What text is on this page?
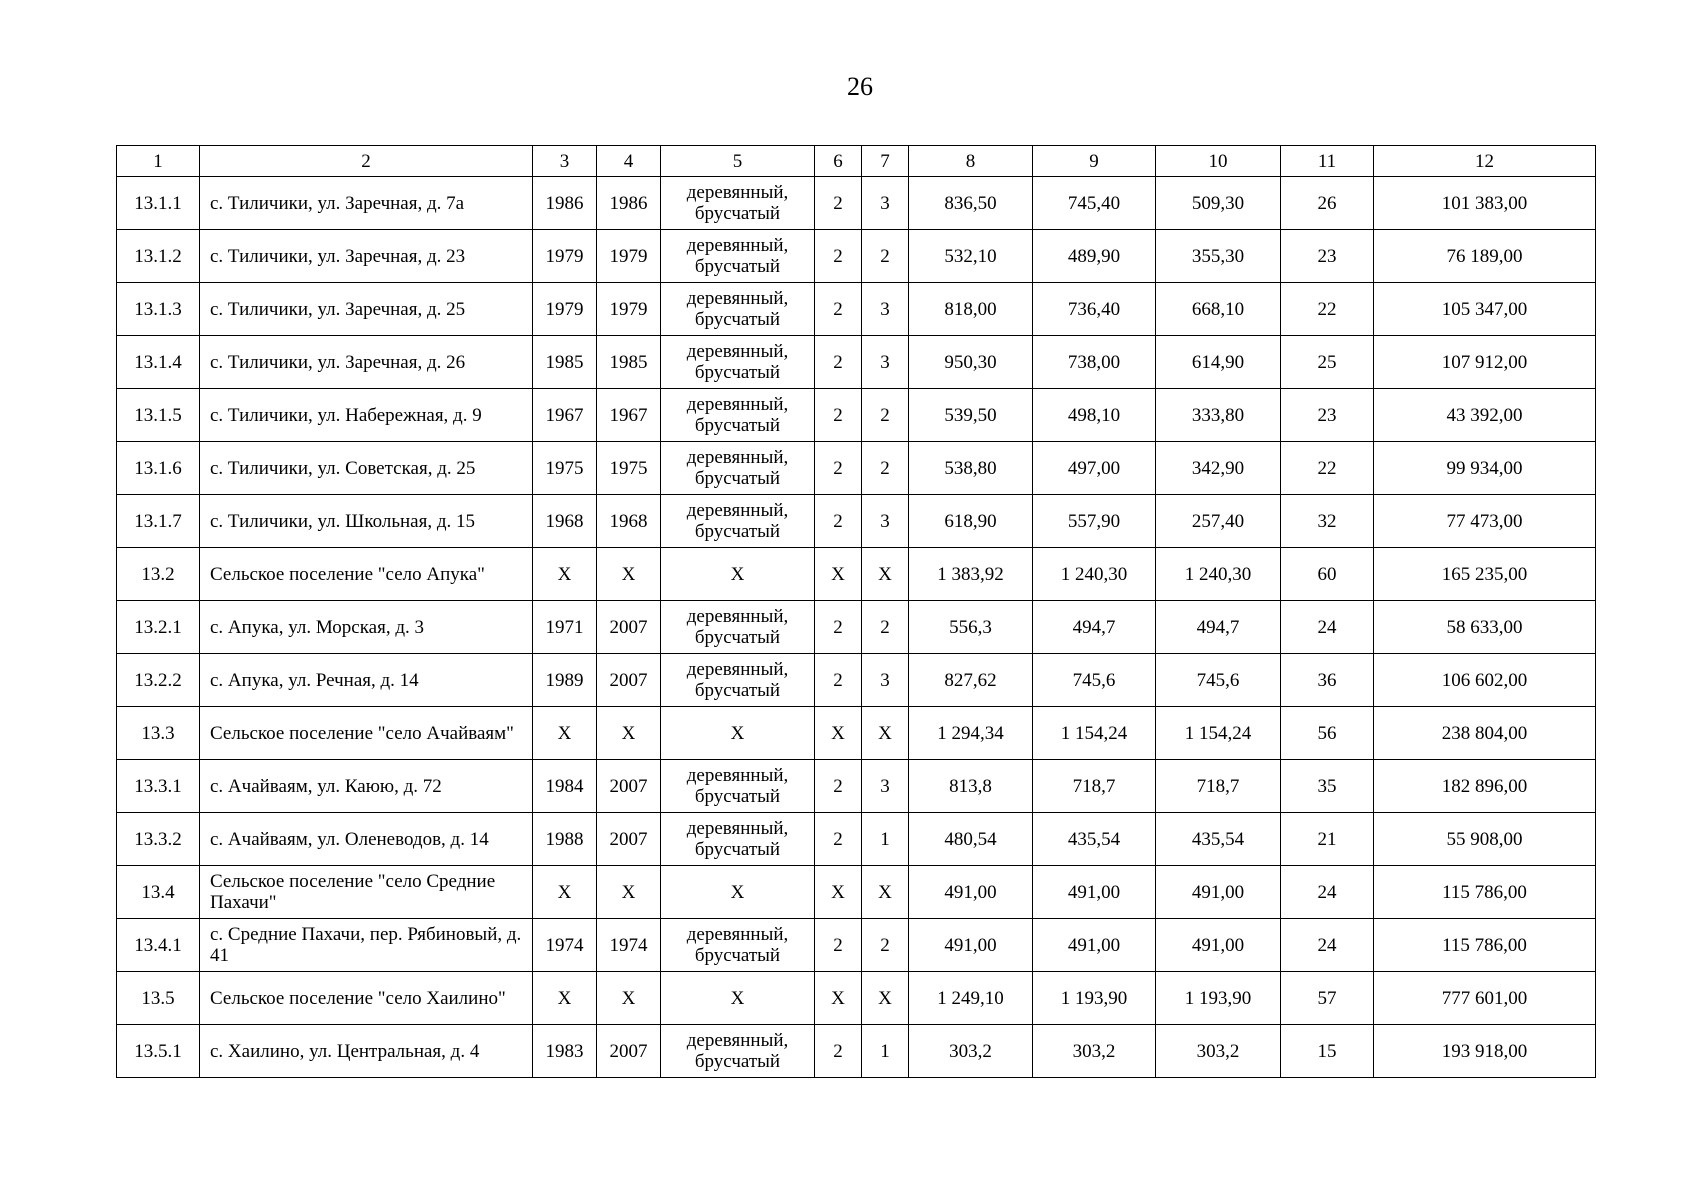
26
1	2	3	4	5	6	7	8	9	10	11	12
13.1.1	с. Тиличики, ул. Заречная, д. 7а	1986	1986	деревянный, брусчатый	2	3	836,50	745,40	509,30	26	101 383,00
13.1.2	с. Тиличики, ул. Заречная, д. 23	1979	1979	деревянный, брусчатый	2	2	532,10	489,90	355,30	23	76 189,00
13.1.3	с. Тиличики, ул. Заречная, д. 25	1979	1979	деревянный, брусчатый	2	3	818,00	736,40	668,10	22	105 347,00
13.1.4	с. Тиличики, ул. Заречная, д. 26	1985	1985	деревянный, брусчатый	2	3	950,30	738,00	614,90	25	107 912,00
13.1.5	с. Тиличики, ул. Набережная, д. 9	1967	1967	деревянный, брусчатый	2	2	539,50	498,10	333,80	23	43 392,00
13.1.6	с. Тиличики, ул. Советская, д. 25	1975	1975	деревянный, брусчатый	2	2	538,80	497,00	342,90	22	99 934,00
13.1.7	с. Тиличики, ул. Школьная, д. 15	1968	1968	деревянный, брусчатый	2	3	618,90	557,90	257,40	32	77 473,00
13.2	Сельское поселение "село Апука"	X	X	X	X	X	1 383,92	1 240,30	1 240,30	60	165 235,00
13.2.1	с. Апука, ул. Морская, д. 3	1971	2007	деревянный, брусчатый	2	2	556,3	494,7	494,7	24	58 633,00
13.2.2	с. Апука, ул. Речная, д. 14	1989	2007	деревянный, брусчатый	2	3	827,62	745,6	745,6	36	106 602,00
13.3	Сельское поселение "село Ачайваям"	X	X	X	X	X	1 294,34	1 154,24	1 154,24	56	238 804,00
13.3.1	с. Ачайваям, ул. Каюю, д. 72	1984	2007	деревянный, брусчатый	2	3	813,8	718,7	718,7	35	182 896,00
13.3.2	с. Ачайваям, ул. Оленеводов, д. 14	1988	2007	деревянный, брусчатый	2	1	480,54	435,54	435,54	21	55 908,00
13.4	Сельское поселение "село Средние Пахачи"	X	X	X	X	X	491,00	491,00	491,00	24	115 786,00
13.4.1	с. Средние Пахачи, пер. Рябиновый, д. 41	1974	1974	деревянный, брусчатый	2	2	491,00	491,00	491,00	24	115 786,00
13.5	Сельское поселение "село Хаилино"	X	X	X	X	X	1 249,10	1 193,90	1 193,90	57	777 601,00
13.5.1	с. Хаилино, ул. Центральная, д. 4	1983	2007	деревянный, брусчатый	2	1	303,2	303,2	303,2	15	193 918,00
